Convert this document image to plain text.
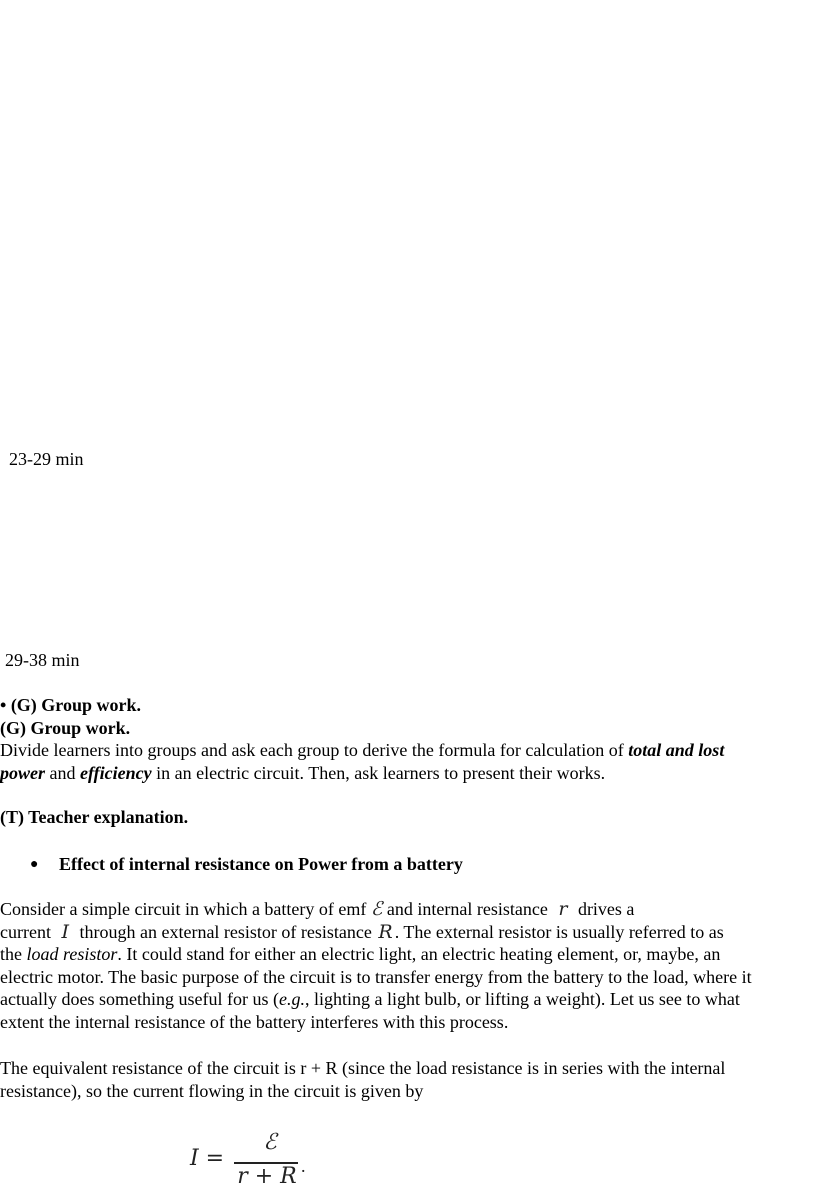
23-29 min
29-38 min
• (G) Group work.
(G) Group work.
Divide learners into groups and ask each group to derive the formula for calculation of total and lost
power and efficiency in an electric circuit. Then, ask learners to present their works.
(T) Teacher explanation.
● Effect of internal resistance on Power from a battery
Consider a simple circuit in which a battery of emf ℰ and internal resistance r drives a
current I through an external resistor of resistance R . The external resistor is usually referred to as
the load resistor. It could stand for either an electric light, an electric heating element, or, maybe, an
electric motor. The basic purpose of the circuit is to transfer energy from the battery to the load, where it
actually does something useful for us (e.g., lighting a light bulb, or lifting a weight). Let us see to what
extent the internal resistance of the battery interferes with this process.
The equivalent resistance of the circuit is r + R (since the load resistance is in series with the internal
resistance), so the current flowing in the circuit is given by
I =
ℰ
r + R .
